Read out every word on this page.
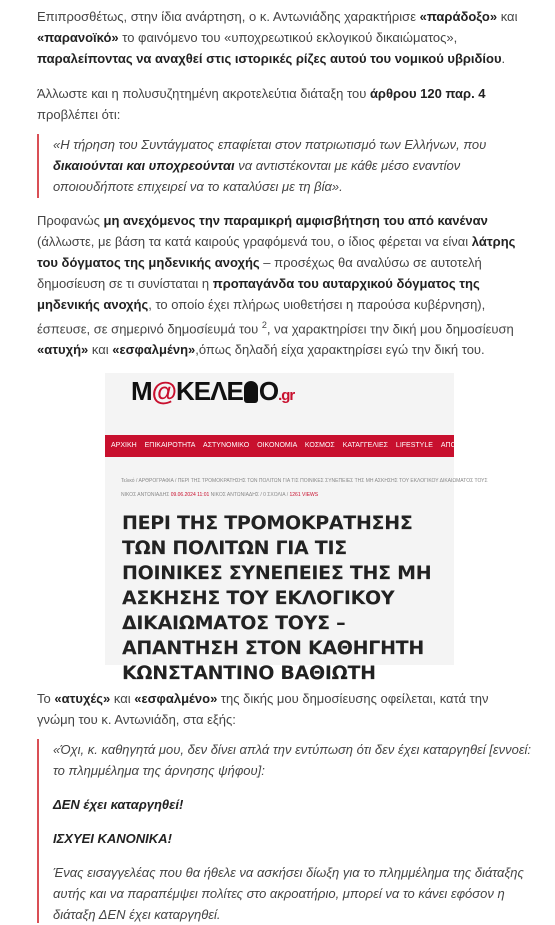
Επιπροσθέτως, στην ίδια ανάρτηση, ο κ. Αντωνιάδης χαρακτήρισε «παράδοξο» και «παρανοϊκό» το φαινόμενο του «υποχρεωτικού εκλογικού δικαιώματος», παραλείποντας να αναχθεί στις ιστορικές ρίζες αυτού του νομικού υβριδίου.

Άλλωστε και η πολυσυζητημένη ακροτελεύτια διάταξη του άρθρου 120 παρ. 4 προβλέπει ότι:

«Η τήρηση του Συντάγματος επαφίεται στον πατριωτισμό των Ελλήνων, που δικαιούνται και υποχρεούνται να αντιστέκονται με κάθε μέσο εναντίον οποιουδήποτε επιχειρεί να το καταλύσει με τη βία».

Προφανώς μη ανεχόμενος την παραμικρή αμφισβήτηση του από κανέναν (άλλωστε, με βάση τα κατά καιρούς γραφόμενά του, ο ίδιος φέρεται να είναι λάτρης του δόγματος της μηδενικής ανοχής – προσέχως θα αναλύσω σε αυτοτελή δημοσίευση σε τι συνίσταται η προπαγάνδα του αυταρχικού δόγματος της μηδενικής ανοχής, το οποίο έχει πλήρως υιοθετήσει η παρούσα κυβέρνηση), έσπευσε, σε σημερινό δημοσίευμά του $^2$, να χαρακτηρίσει την δική μου δημοσίευση «ατυχή» και «εσφαλμένη»,όπως δηλαδή είχα χαρακτηρίσει εγώ την δική του.

Το «ατυχές» και «εσφαλμένο» της δικής μου δημοσίευσης οφείλεται, κατά την γνώμη του κ. Αντωνιάδη, στα εξής:

«Όχι, κ. καθηγητά μου, δεν δίνει απλά την εντύπωση ότι δεν έχει καταργηθεί [εννοεί: το πλημμέλημα της άρνησης ψήφου]:

ΔΕΝ έχει καταργηθεί!

ΙΣΧΥΕΙ ΚΑΝΟΝΙΚΑ!

Ένας εισαγγελέας που θα ήθελε να ασκήσει δίωξη για το πλημμέλημα της διάταξης αυτής και να παραπέμψει πολίτες στο ακροατήριο, μπορεί να το κάνει εφόσον η διάταξη ΔΕΝ έχει καταργηθεί.

M@ΚΕΛΕ Ο.gr
ΑΡΧΙΚΗ ΕΠΙΚΑΙΡΟΤΗΤΑ ΑΣΤΥΝΟΜΙΚΟ ΟΙΚΟΝΟΜΙΑ ΚΟΣΜΟΣ ΚΑΤΑΓΓΕΛΙΕΣ LIFESTYLE ΑΠΟΚΑΛΥΨΗ ΑΥΤΟ
Τελικό / ΑΡΘΡΟΓΡΑΦΙΑ / ΠΕΡΙ ΤΗΣ ΤΡΟΜΟΚΡΑΤΗΣΗΣ ΤΩΝ ΠΟΛΙΤΩΝ ΓΙΑ ΤΙΣ ΠΟΙΝΙΚΕΣ ΣΥΝΕΠΕΙΕΣ ΤΗΣ ΜΗ ΑΣΚΗΣΗΣ ΤΟΥ ΕΚΛΟΓΙΚΟΥ ΔΙΚΑΙΩΜΑΤΟΣ ΤΟΥΣ
ΝΙΚΟΣ ΑΝΤΩΝΙΑΔΗΣ 09.06.2024 11:01 ΝΙΚΟΣ ΑΝΤΩΝΙΑΔΗΣ / 0 ΣΧΟΛΙΑ / 1261 VIEWS
ΠΕΡΙ ΤΗΣ ΤΡΟΜΟΚΡΑΤΗΣΗΣ ΤΩΝ ΠΟΛΙΤΩΝ ΓΙΑ ΤΙΣ ΠΟΙΝΙΚΕΣ ΣΥΝΕΠΕΙΕΣ ΤΗΣ ΜΗ ΑΣΚΗΣΗΣ ΤΟΥ ΕΚΛΟΓΙΚΟΥ ΔΙΚΑΙΩΜΑΤΟΣ ΤΟΥΣ – ΑΠΑΝΤΗΣΗ ΣΤΟΝ ΚΑΘΗΓΗΤΗ ΚΩΝΣΤΑΝΤΙΝΟ ΒΑΘΙΩΤΗ
